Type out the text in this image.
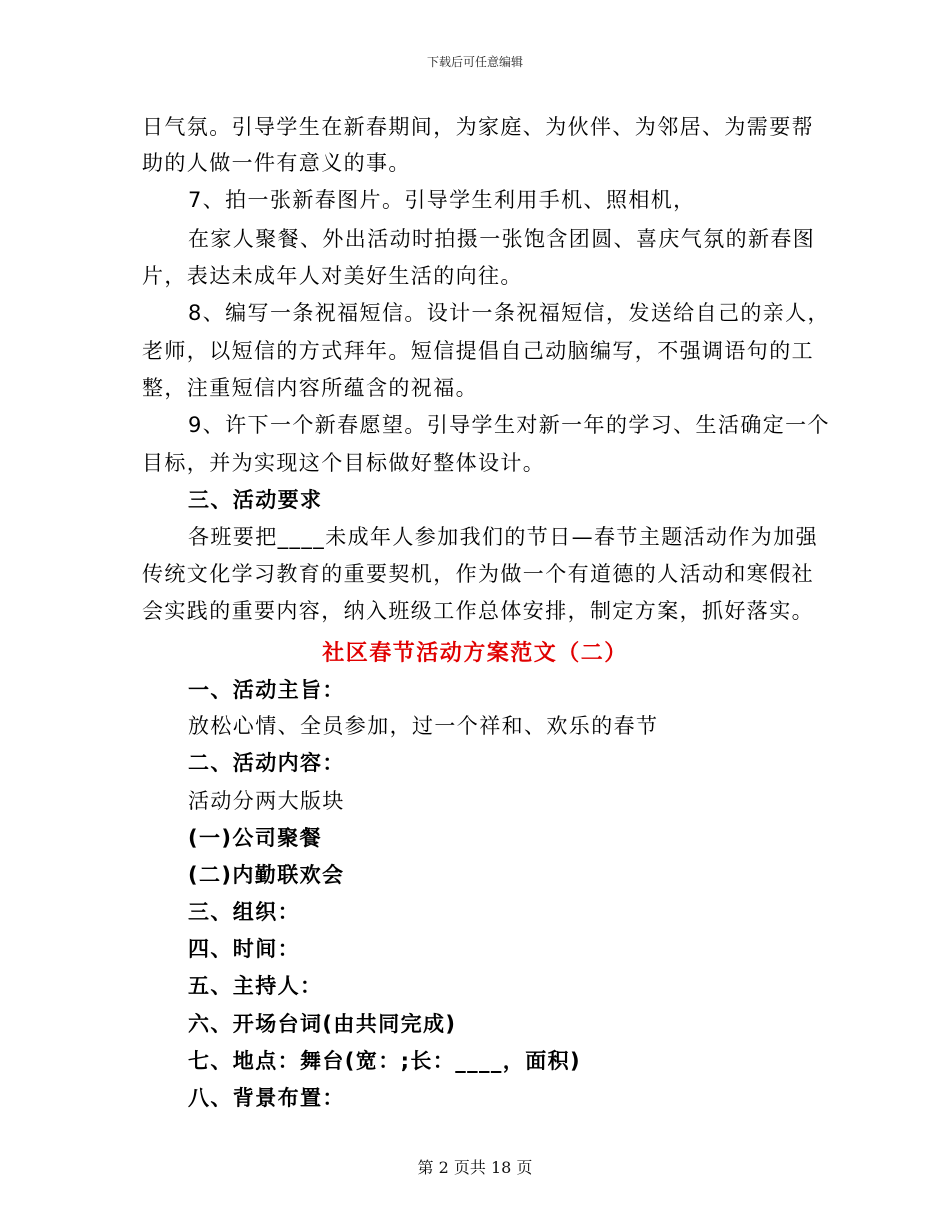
下载后可任意编辑
日气氛。引导学生在新春期间，为家庭、为伙伴、为邻居、为需要帮
助的人做一件有意义的事。
7、拍一张新春图片。引导学生利用手机、照相机，
在家人聚餐、外出活动时拍摄一张饱含团圆、喜庆气氛的新春图
片，表达未成年人对美好生活的向往。
8、编写一条祝福短信。设计一条祝福短信，发送给自己的亲人，
老师，以短信的方式拜年。短信提倡自己动脑编写，不强调语句的工
整，注重短信内容所蕴含的祝福。
9、许下一个新春愿望。引导学生对新一年的学习、生活确定一个
目标，并为实现这个目标做好整体设计。
三、活动要求
各班要把____未成年人参加我们的节日—春节主题活动作为加强
传统文化学习教育的重要契机，作为做一个有道德的人活动和寒假社
会实践的重要内容，纳入班级工作总体安排，制定方案，抓好落实。
社区春节活动方案范文（二）
一、活动主旨：
放松心情、全员参加，过一个祥和、欢乐的春节
二、活动内容：
活动分两大版块
(一)公司聚餐
(二)内勤联欢会
三、组织：
四、时间：
五、主持人：
六、开场台词(由共同完成)
七、地点：舞台(宽：;长：____，面积)
八、背景布置：
第 2 页共 18 页
